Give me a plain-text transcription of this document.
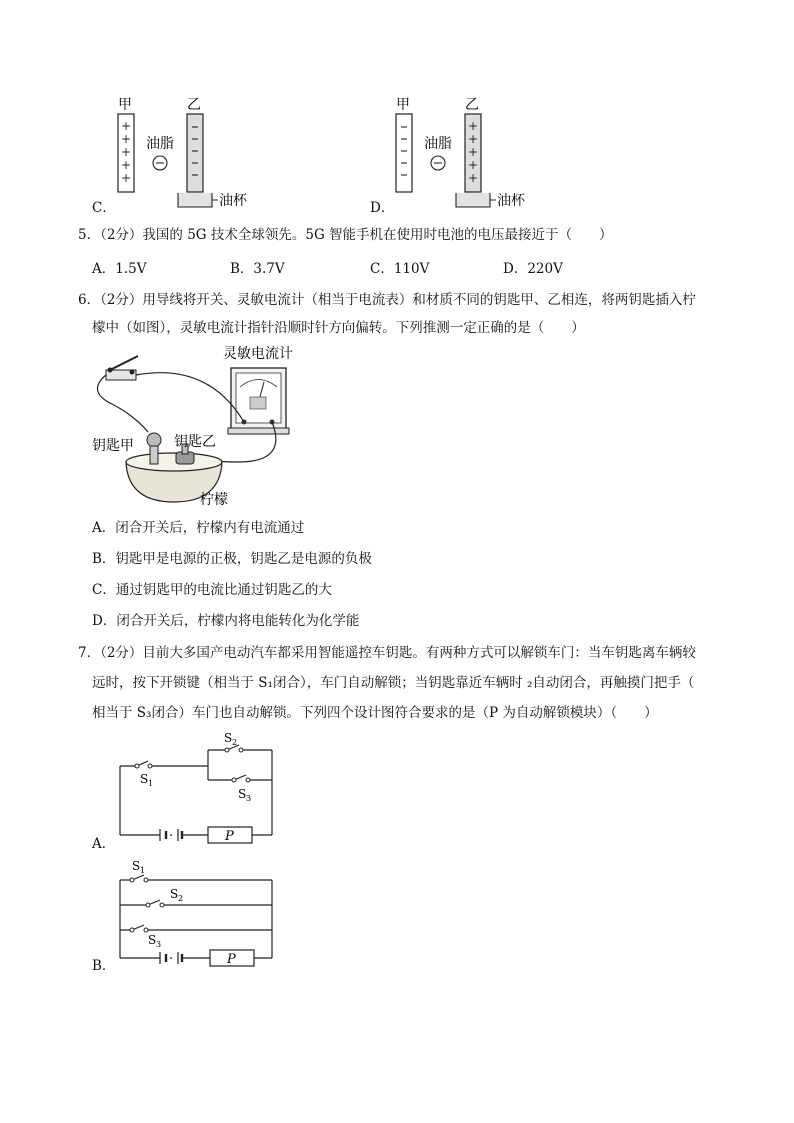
甲	乙
+
+
+
+
+
油脂
油杯
C．
甲	乙
+
+
+
+
+
油脂
油杯
D．
5．（2分）我国的 5G 技术全球领先。5G 智能手机在使用时电池的电压最接近于（　　）
A．1.5V	B．3.7V	C．110V	D．220V
6．（2分）用导线将开关、灵敏电流计（相当于电流表）和材质不同的钥匙甲、乙相连，将两钥匙插入柠
檬中（如图），灵敏电流计指针沿顺时针方向偏转。下列推测一定正确的是（　　）
灵敏电流计
钥匙甲	钥匙乙
柠檬
A．闭合开关后，柠檬内有电流通过
B．钥匙甲是电源的正极，钥匙乙是电源的负极
C．通过钥匙甲的电流比通过钥匙乙的大
D．闭合开关后，柠檬内将电能转化为化学能
7．（2分）目前大多国产电动汽车都采用智能遥控车钥匙。有两种方式可以解锁车门：当车钥匙离车辆较
远时，按下开锁键（相当于 S₁闭合），车门自动解锁；当钥匙靠近车辆时 ₂自动闭合，再触摸门把手（
相当于 S₃闭合）车门也自动解锁。下列四个设计图符合要求的是（P 为自动解锁模块）（　　）
S 1
S 2
S 3
P
A．
S 1
S 2
S 3
P
B．
